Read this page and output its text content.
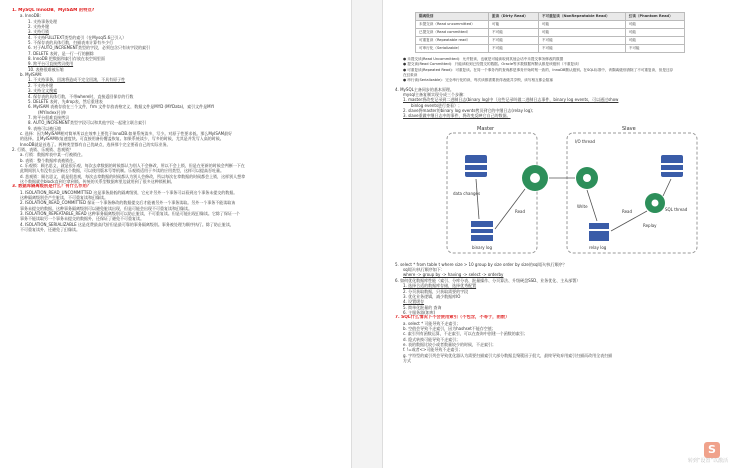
1. MySQL InnoDB、MyISAM 的特点?
a. InnoDB:
1. 支持事务处理
2. 支持外键
3. 支持行锁
4. 不支持FULLTEXT类型的索引（在Mysql5.6已引入）
5. 不保存表的具体行数，扫描表来计算有多少行
6. 对于AUTO_INCREMENT类型的字段，必须包含只有该字段的索引
7. DELETE 表时，是一行一行的删除
8. InnoDB 把数据和索引存放在表空间里面
9. 跨平台可直接拷贝使用
10. 表格很难被压缩
b. MyISAM:
1. 不支持事务，回滚将造成不完全回滚，不具有原子性
2. 不支持外键
3. 支持全文搜索
4. 保存表的具体行数，不带where时，直接返回保存的行数
5. DELETE 表时，先drop表，然后重建表
6. MyISAM 表被存放在三个文件，frm 文件存放表格定义，数据文件是MYD (MYData)，索引文件是MYI
(MYIndex)引伸
7. 跨平台很难直接拷贝
8. AUTO_INCREMENT类型字段可以和其他字段一起建立联合索引
9. 表格可以被压缩
c. 选择：因为MyISAM相对简单所以在效率上要优于InnoDB.如果系统读多，写少。对原子性要求低。那么MyISAM最好
的选择。且MyISAM恢复速度快。可直接用备份覆盖恢复。如果系统读少，写多的时候，尤其是并发写入高的时候。
InnoDB就是首选了。两种类型都有自己优缺点，选择那个完全要看自己的实际业务。
2. 行锁、表锁、乐观锁、悲观锁？
a. 行锁：数据库表中某一行被锁住。
b. 表锁：整个数据库表被锁住。
c. 乐观锁：顾名思义，就是很乐观，每次去拿数据的时候都认为别人不会修改，所以不会上锁，但是在更新的时候会判断一下在
此期间别人有没有去更新这个数据，可以使用版本号等机制。乐观锁适用于多读的应用类型，这样可以提高吞吐量。
d. 悲观锁：顾名思义，就是很悲观，每次去拿数据的时候都认为别人会修改，所以每次在拿数据的时候都会上锁，这样别人想拿
这个数据就会block直到它拿到锁。传统的关系型数据库里边就用到了很多这种锁机制。
3. 数据库隔离级别是什么？有什么作用？
1. ISOLATION_READ_UNCOMMITTED 这是事务最低的隔离级别，它允许另外一个事务可以看到这个事务未提交的数据。
这种隔离级别会产生脏读，不可重复读和幻像读。
2. ISOLATION_READ_COMMITTED 保证一个事务修改的数据提交后才能被另外一个事务读取。另外一个事务不能读取该
事务未提交的数据。这种事务隔离级别可以避免脏读出现，但是可能会出现不可重复读和幻像读。
3. ISOLATION_REPEATABLE_READ 这种事务隔离级别可以防止脏读，不可重复读。但是可能出现幻像读。它除了保证一个
事务不能读取另一个事务未提交的数据外，还保证了避免不可重复读。
4. ISOLATION_SERIALIZABLE 这是花费最高代价但是最可靠的事务隔离级别。事务被处理为顺序执行。除了防止脏读，
不可重复读外，还避免了幻像读。
隔离级别	脏读（Dirty Read）	不可重复读（NonRepeatable Read）	幻读（Phantom Read）
未提交读（Read uncommitted）	可能	可能	可能
已提交读（Read committed）	不可能	可能	可能
可重复读（Repeatable read）	不可能	不可能	可能
可串行化（Serializable）	不可能	不可能	不可能
● 未提交读(Read Uncommitted)：允许脏读，也就是可能读取到其他会话中未提交事务修改的数据
● 提交读(Read Committed)：只能读取到已经提交的数据。Oracle等多数数据库默认都是该级别（不重复读）
● 可重复读(Repeated Read)：可重复读。在同一个事务内的查询都是事务开始时刻一致的，InnoDB默认级别。在SQL标准中，该隔离级别消除了不可重复读，但是还存
在幻象读
● 串行读(Serializable)：完全串行化的读，每次读都需要获得表级共享锁，读写相互都会阻塞
4. MySQL主备同步的基本原理。
mysql主备复制实现分成三个步骤：
1. master将改变记录到二进制日志(binary log)中（这些记录叫做二进制日志事件，binary log events，可以通过show
binlog events进行查看）；
2. slave将master的binary log events拷贝到它的中继日志(relay log)；
3. slave重做中继日志中的事件，将改变反映它自己的数据。
Master	Slave
I/O thread
SQL thread
data changes
binary log	relay log
Read	Read
Write
Replay
5. select * from table t where size > 10 group by size order by size的sql语句执行顺序？
sql语句执行顺序如下：
where -> group by -> having -> select -> orderby
6. 如何优化数据库性能（索引、分库分表、批量操作、分页算法、升级硬盘SSD、业务优化、主从部署）
1. 选择合适的数据库存储，选择优秀配置
2. 分页获取数据，只获取需要的字段
3. 优化业务逻辑，减少数据库IO
4. 设置缓存
5. 简单化批量的 查询
6. 主服务器(如库)
7. SQL什么情况下不会使用索引（不包含，不等于，函数）
a. select * 可能导致不走索引；
b. 空值会导致不走索引，因为hashset不能存空值；
c. 索引列有函数运算，不走索引，可以在查询中创建一个函数的索引；
d. 隐式转换可能导致不走索引；
e. 表的数据比较小或者数量较少的时候，不走索引；
f. !=或者<>可能导致不走索引；
g. 字符型的索引列会导致优化器认为需要扫描索引大部分数据且聚簇因子很大，最终导致弃用索引扫描而改用全表扫描
方式
S
转到“设置”以激活
